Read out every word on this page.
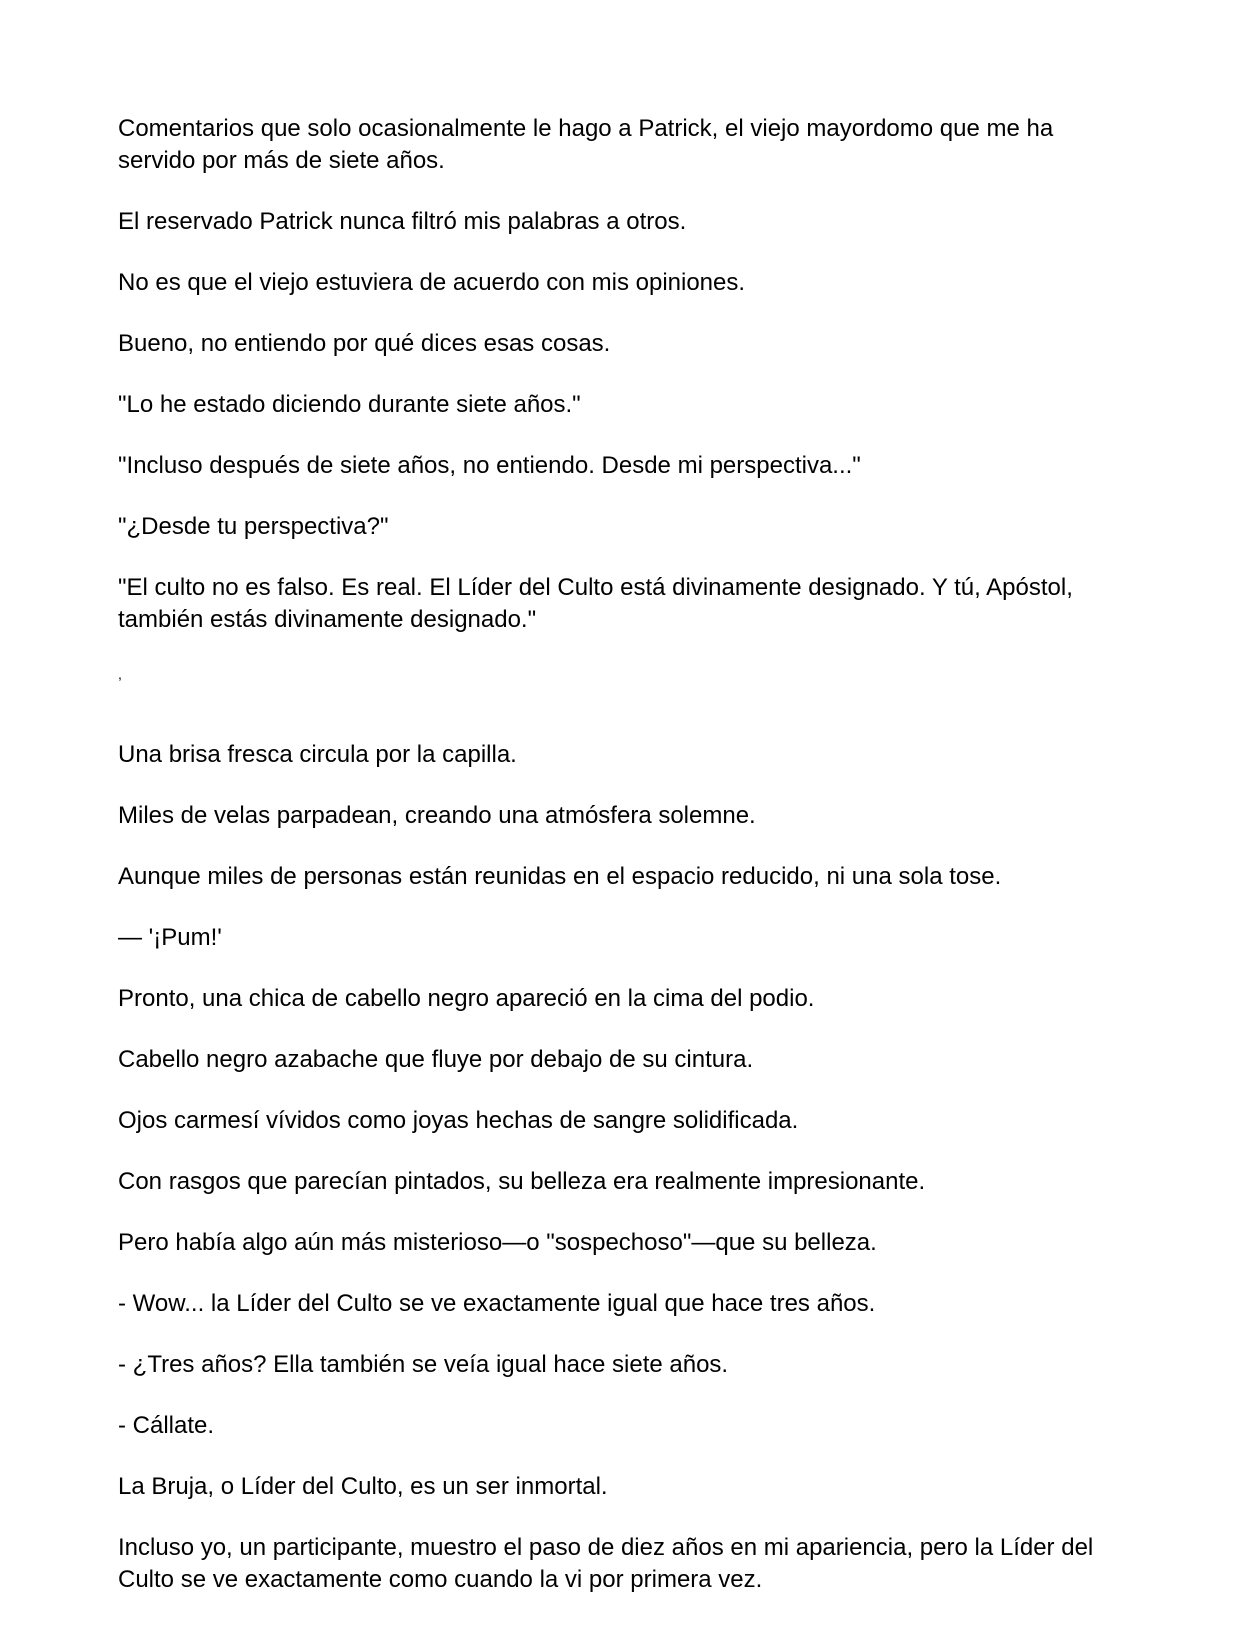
Comentarios que solo ocasionalmente le hago a Patrick, el viejo mayordomo que me ha servido por más de siete años.

El reservado Patrick nunca filtró mis palabras a otros.

No es que el viejo estuviera de acuerdo con mis opiniones.

Bueno, no entiendo por qué dices esas cosas.

"Lo he estado diciendo durante siete años."

"Incluso después de siete años, no entiendo. Desde mi perspectiva..."

"¿Desde tu perspectiva?"

"El culto no es falso. Es real. El Líder del Culto está divinamente designado. Y tú, Apóstol, también estás divinamente designado."

,

Una brisa fresca circula por la capilla.

Miles de velas parpadean, creando una atmósfera solemne.

Aunque miles de personas están reunidas en el espacio reducido, ni una sola tose.

— '¡Pum!'

Pronto, una chica de cabello negro apareció en la cima del podio.

Cabello negro azabache que fluye por debajo de su cintura.

Ojos carmesí vívidos como joyas hechas de sangre solidificada.

Con rasgos que parecían pintados, su belleza era realmente impresionante.

Pero había algo aún más misterioso—o "sospechoso"—que su belleza.

- Wow... la Líder del Culto se ve exactamente igual que hace tres años.

- ¿Tres años? Ella también se veía igual hace siete años.

- Cállate.

La Bruja, o Líder del Culto, es un ser inmortal.

Incluso yo, un participante, muestro el paso de diez años en mi apariencia, pero la Líder del Culto se ve exactamente como cuando la vi por primera vez.
